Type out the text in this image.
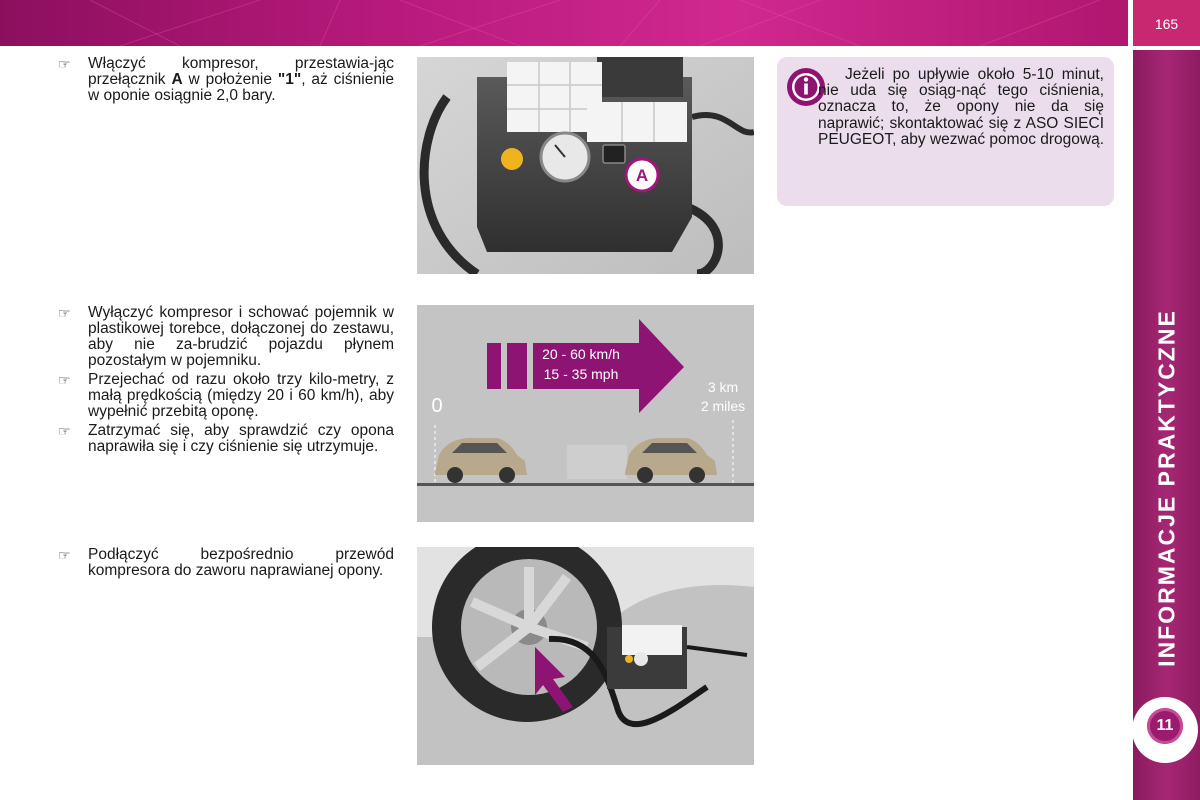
165
INFORMACJE PRAKTYCZNE
11
☞ Włączyć kompresor, przestawia-jąc przełącznik A w położenie "1", aż ciśnienie w oponie osiągnie 2,0 bary.
☞ Wyłączyć kompresor i schować pojemnik w plastikowej torebce, dołączonej do zestawu, aby nie za-brudzić pojazdu płynem pozostałym w pojemniku.
☞ Przejechać od razu około trzy kilo-metry, z małą prędkością (między 20 i 60 km/h), aby wypełnić przebitą oponę.
☞ Zatrzymać się, aby sprawdzić czy opona naprawiła się i czy ciśnienie się utrzymuje.
☞ Podłączyć bezpośrednio przewód kompresora do zaworu naprawianej opony.
A
20 - 60 km/h
15 - 35 mph
0
3 km
2 miles

Jeżeli po upływie około 5-10 minut, nie uda się osiąg-nąć tego ciśnienia, oznacza to, że opony nie da się naprawić; skontaktować się z ASO SIECI PEUGEOT, aby wezwać pomoc drogową.
